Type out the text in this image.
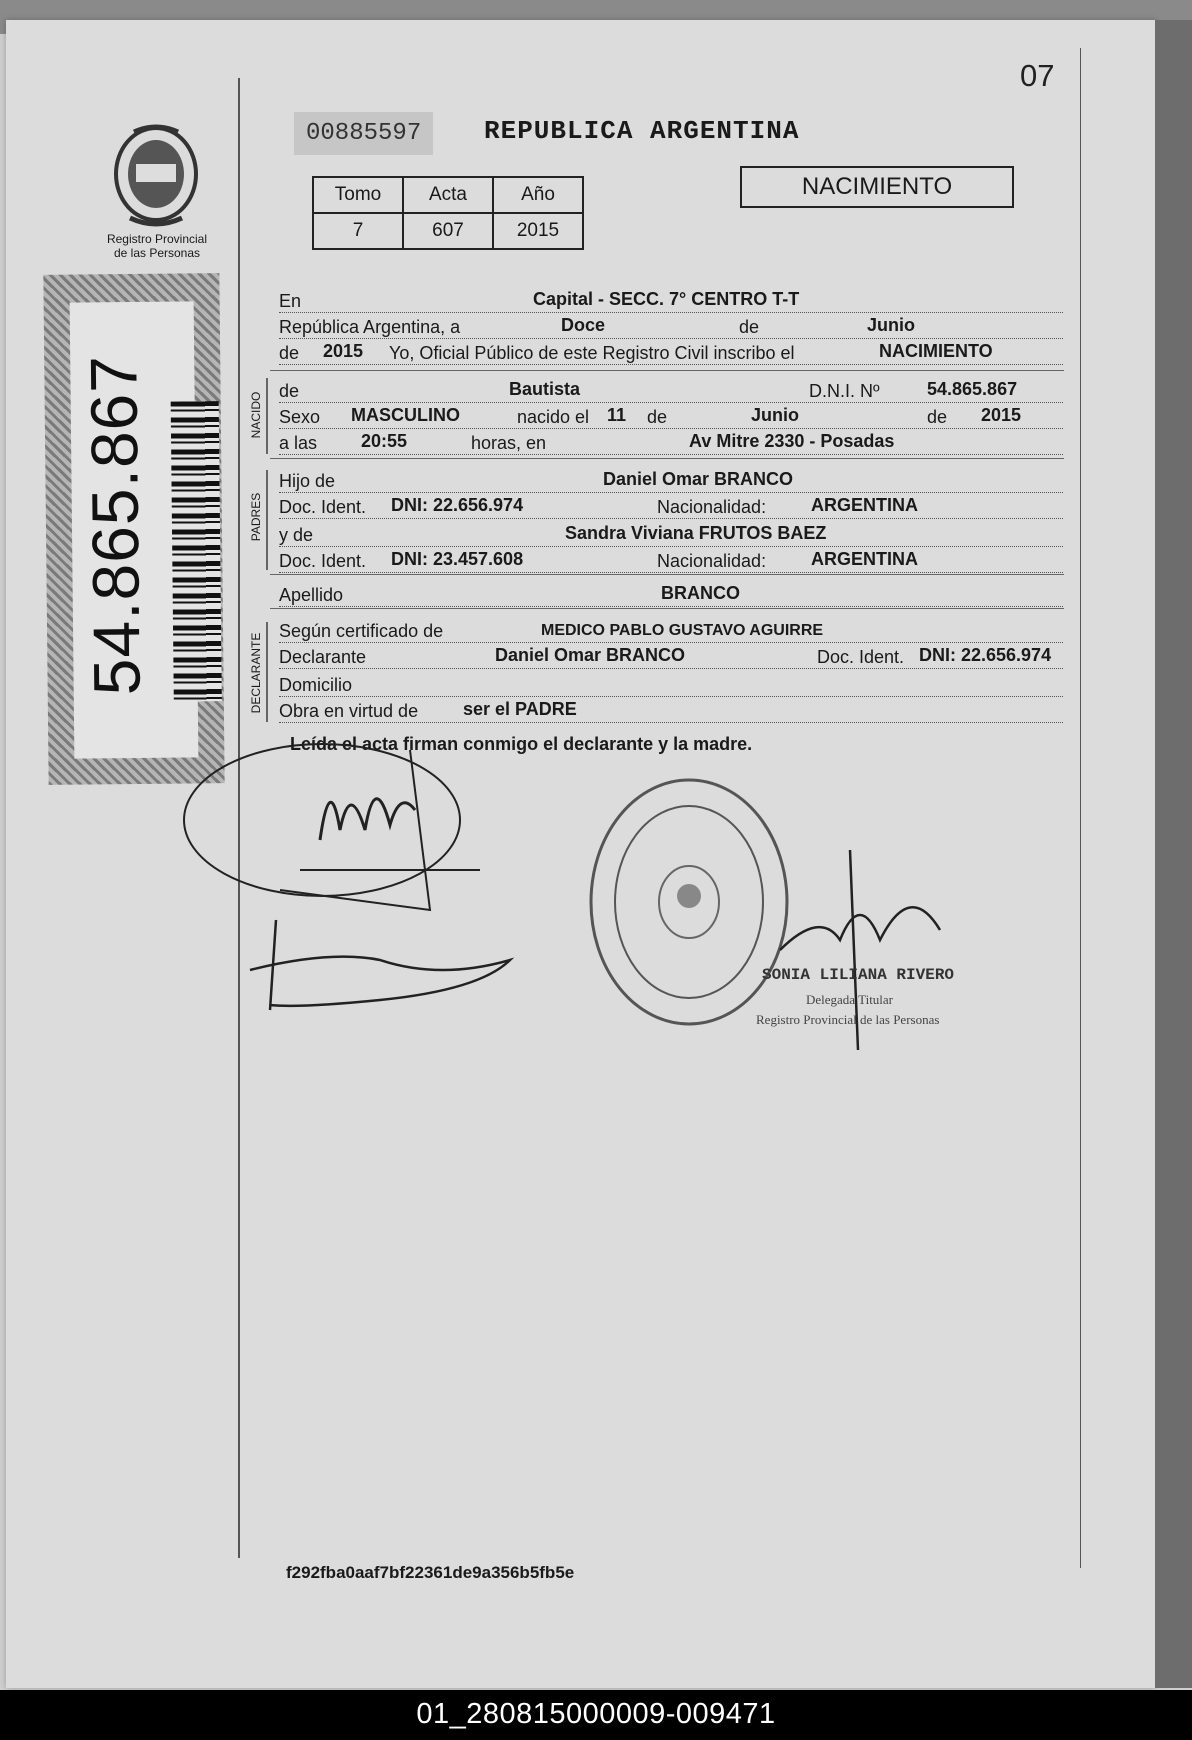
07
Registro Provincial
de las Personas
54.865.867
00885597	REPUBLICA ARGENTINA
Tomo	Acta	Año
7	607	2015
NACIMIENTO
En	Capital - SECC. 7° CENTRO T-T
República Argentina, a	Doce	de	Junio
de 2015 Yo, Oficial Público de este Registro Civil inscribo el	NACIMIENTO
de	Bautista	D.N.I. Nº	54.865.867
Sexo MASCULINO	nacido el 11 de	Junio	de 2015
a las 20:55	horas, en	Av Mitre 2330 - Posadas
Hijo de	Daniel Omar BRANCO
Doc. Ident. DNI: 22.656.974	Nacionalidad: ARGENTINA
y de	Sandra Viviana FRUTOS BAEZ
Doc. Ident. DNI: 23.457.608	Nacionalidad: ARGENTINA
Apellido	BRANCO
Según certificado de	MEDICO PABLO GUSTAVO AGUIRRE
Declarante	Daniel Omar BRANCO	Doc. Ident. DNI: 22.656.974
Domicilio
Obra en virtud de ser el PADRE
NACIDO
PADRES
DECLARANTE
Leída el acta firman conmigo el declarante y la madre.
SONIA LILIANA RIVERO
Delegada Titular
Registro Provincial de las Personas
f292fba0aaf7bf22361de9a356b5fb5e
01_280815000009-009471
